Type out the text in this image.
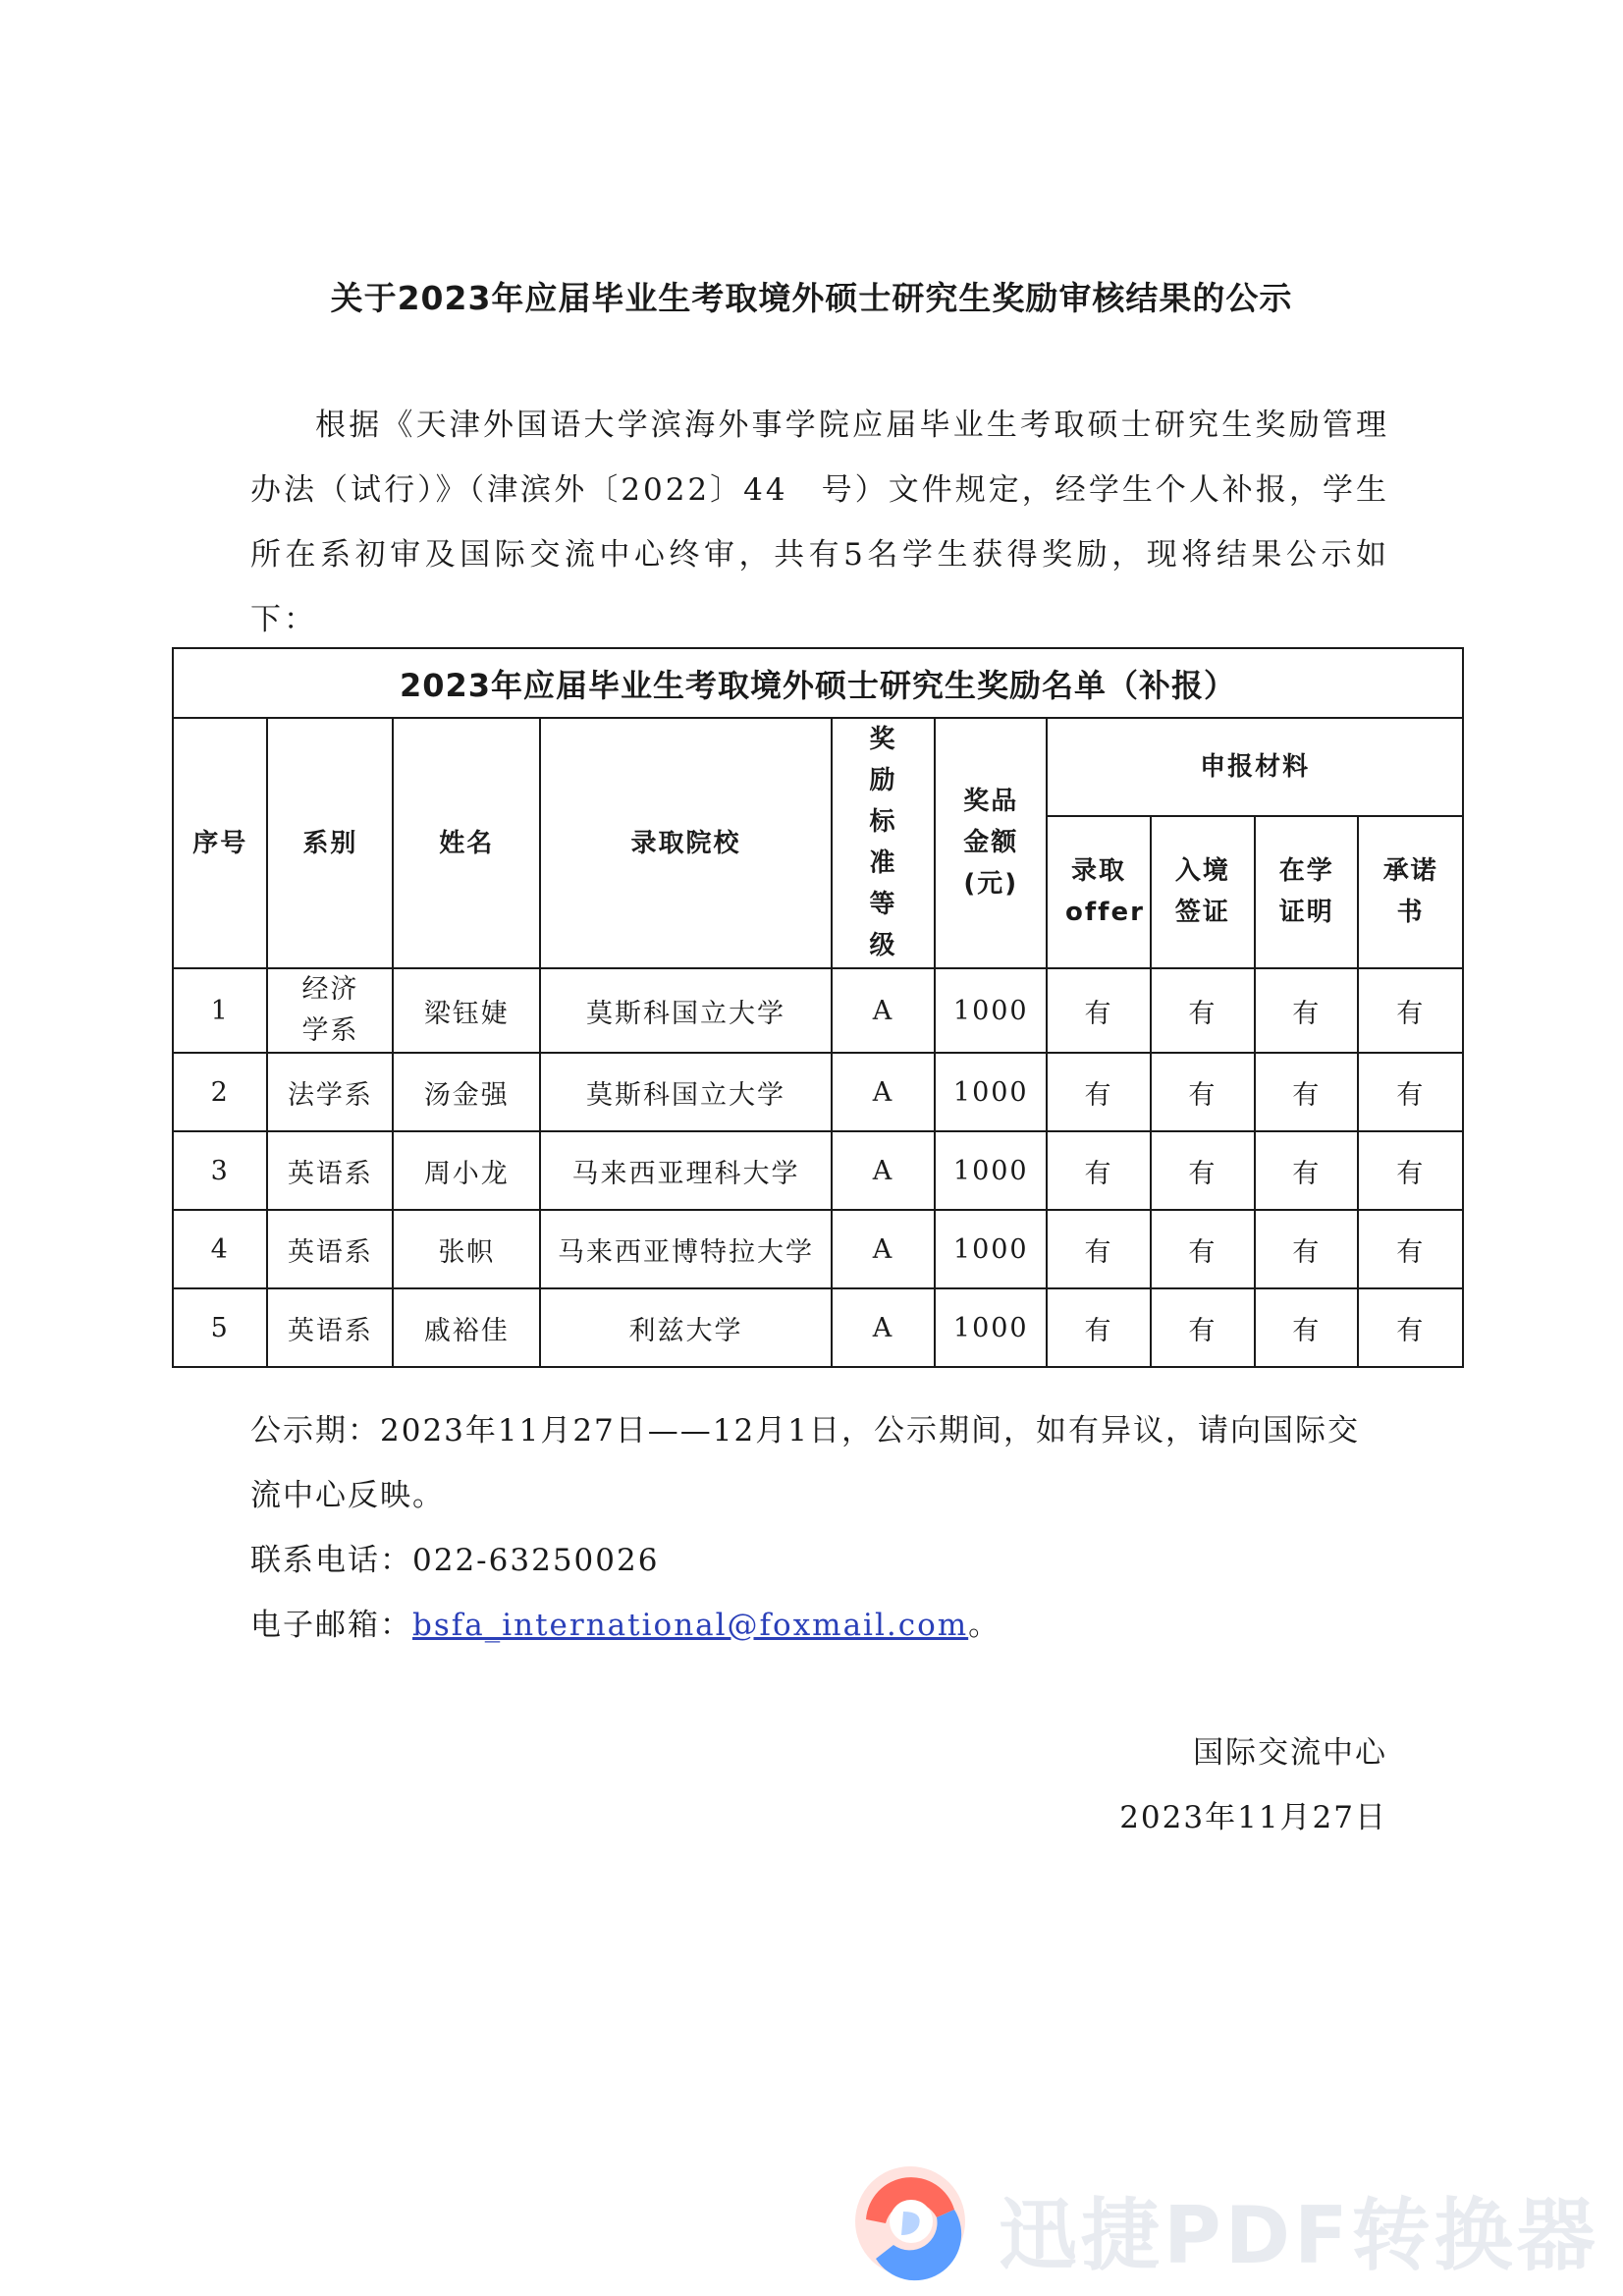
关于2023年应届毕业生考取境外硕士研究生奖励审核结果的公示
根据《天津外国语大学滨海外事学院应届毕业生考取硕士研究生奖励管理办法（试行）》（津滨外〔2022〕44　号）文件规定，经学生个人补报，学生所在系初审及国际交流中心终审，共有5名学生获得奖励，现将结果公示如下：
2023年应届毕业生考取境外硕士研究生奖励名单（补报）									
序号	系别	姓名	录取院校	奖励标准等级	奖品金额(元)	申报材料			
						录取offer	入境签证	在学证明	承诺书
1	经济学系	梁钰婕	莫斯科国立大学	A	1000	有	有	有	有
2	法学系	汤金强	莫斯科国立大学	A	1000	有	有	有	有
3	英语系	周小龙	马来西亚理科大学	A	1000	有	有	有	有
4	英语系	张帜	马来西亚博特拉大学	A	1000	有	有	有	有
5	英语系	戚裕佳	利兹大学	A	1000	有	有	有	有
公示期：2023年11月27日——12月1日，公示期间，如有异议，请向国际交流中心反映。
联系电话：022-63250026
电子邮箱：bsfa_international@foxmail.com。
国际交流中心
2023年11月27日
迅捷PDF转换器
